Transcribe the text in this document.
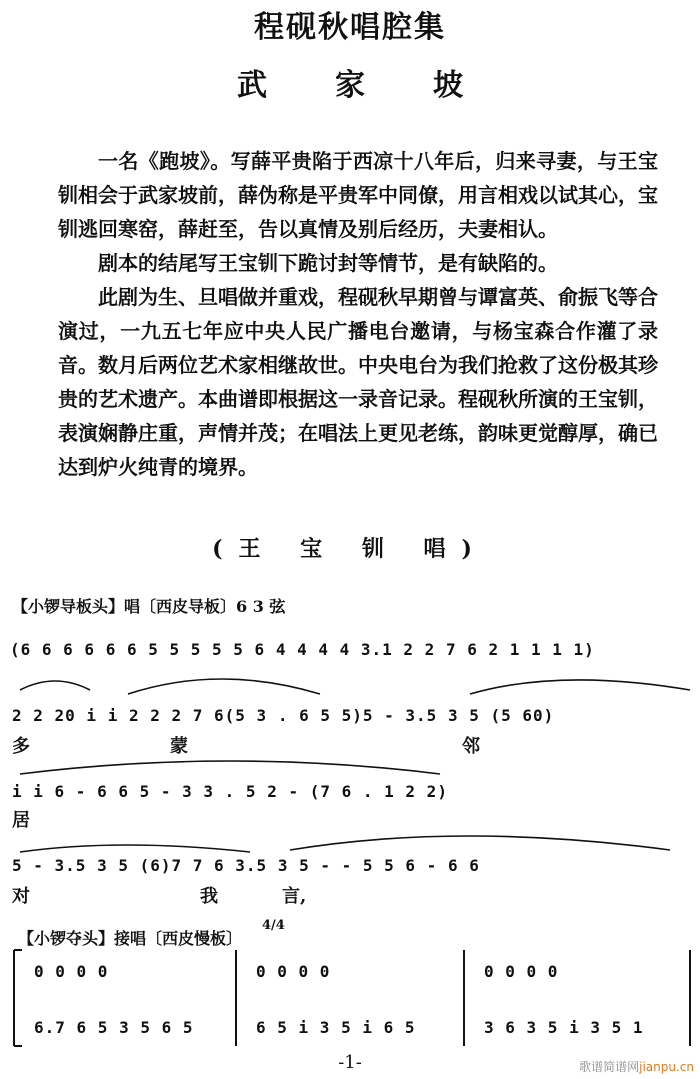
程砚秋唱腔集
武家坡

一名《跑坡》。写薛平贵陷于西凉十八年后，归来寻妻，与王宝钏相会于武家坡前，薛伪称是平贵军中同僚，用言相戏以试其心，宝钏逃回寒窑，薛赶至，告以真情及别后经历，夫妻相认。

剧本的结尾写王宝钏下跪讨封等情节，是有缺陷的。

此剧为生、旦唱做并重戏，程砚秋早期曾与谭富英、俞振飞等合演过，一九五七年应中央人民广播电台邀请，与杨宝森合作灌了录音。数月后两位艺术家相继故世。中央电台为我们抢救了这份极其珍贵的艺术遗产。本曲谱即根据这一录音记录。程砚秋所演的王宝钏，表演娴静庄重，声情并茂；在唱法上更见老练，韵味更觉醇厚，确已达到炉火纯青的境界。

(王 宝 钏 唱)
【小锣导板头】唱〔西皮导板〕6 3 弦
(6 6 6 6 6 6 5 5 5 5 5 6 4 4 4 4 3.1 2 2 7 6 2 1 1 1 1)
2 2 20 i i 2 2 2 7 6(5 3 . 6 5 5)5 - 3.5 3 5 (5 60)
多	蒙	邻
i i 6 - 6 6 5 - 3 3 . 5 2 - (7 6 . 1 2 2)
居
5 - 3.5 3 5 (6)7 7 6 3.5 3 5 - - 5 5 6 - 6 6
对	我	言,
【小锣夺头】接唱〔西皮慢板〕
4/4
0 0 0 0	0 0 0 0	0 0 0 0
6.7 6 5 3 5 6 5	6 5 i 3 5 i 6 5	3 6 3 5 i 3 5 1
-1-	歌谱简谱网jianpu.cn
